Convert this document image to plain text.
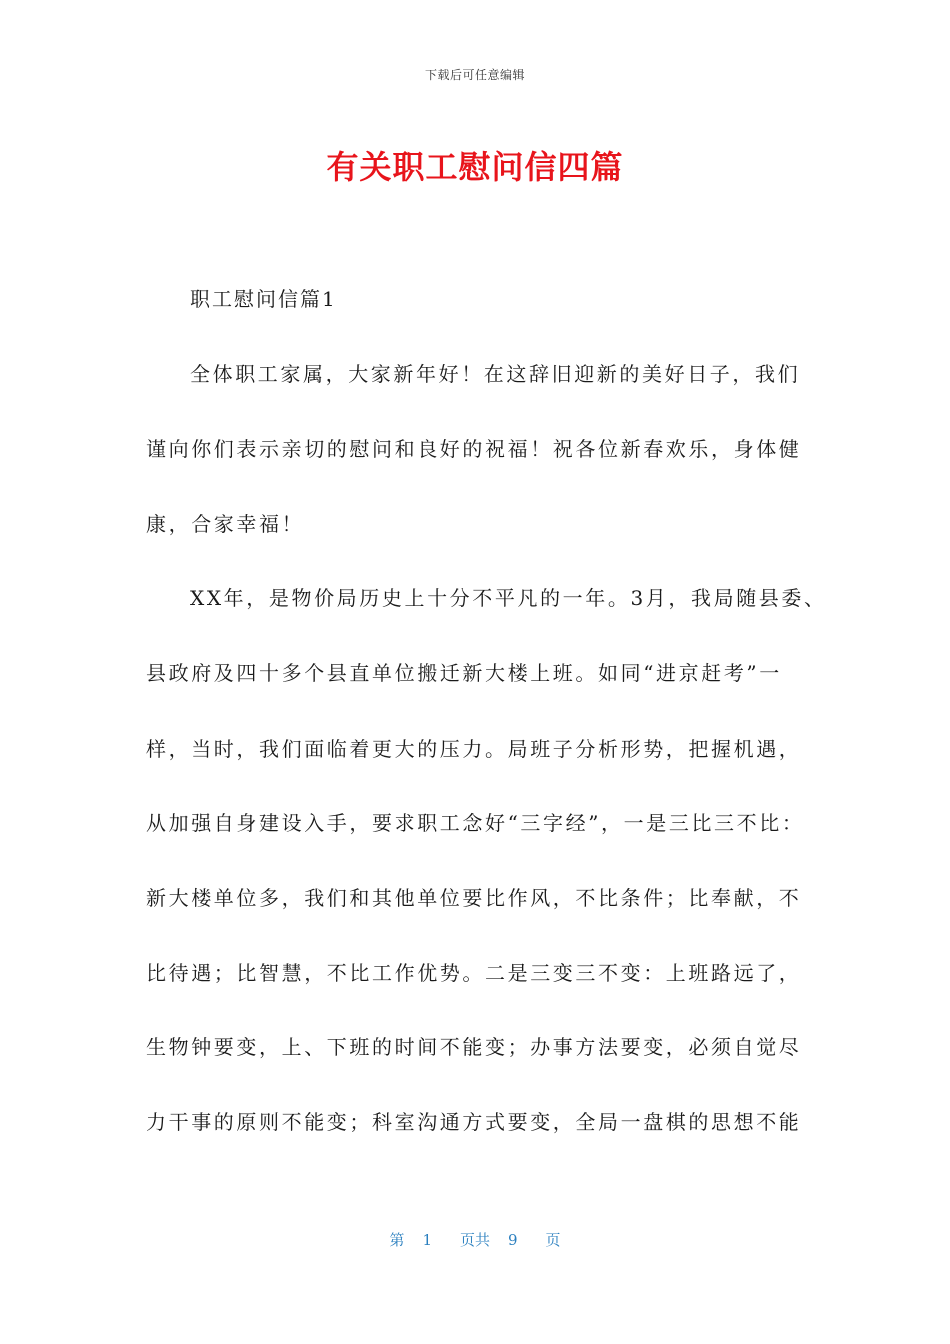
下载后可任意编辑
有关职工慰问信四篇
职工慰问信篇1
全体职工家属，大家新年好！在这辞旧迎新的美好日子，我们
谨向你们表示亲切的慰问和良好的祝福！祝各位新春欢乐，身体健
康，合家幸福！
XX年，是物价局历史上十分不平凡的一年。3月，我局随县委、
县政府及四十多个县直单位搬迁新大楼上班。如同“进京赶考”一
样，当时，我们面临着更大的压力。局班子分析形势，把握机遇，
从加强自身建设入手，要求职工念好“三字经”，一是三比三不比：
新大楼单位多，我们和其他单位要比作风，不比条件；比奉献，不
比待遇；比智慧，不比工作优势。二是三变三不变：上班路远了，
生物钟要变，上、下班的时间不能变；办事方法要变，必须自觉尽
力干事的原则不能变；科室沟通方式要变，全局一盘棋的思想不能
第 1 页共 9 页
